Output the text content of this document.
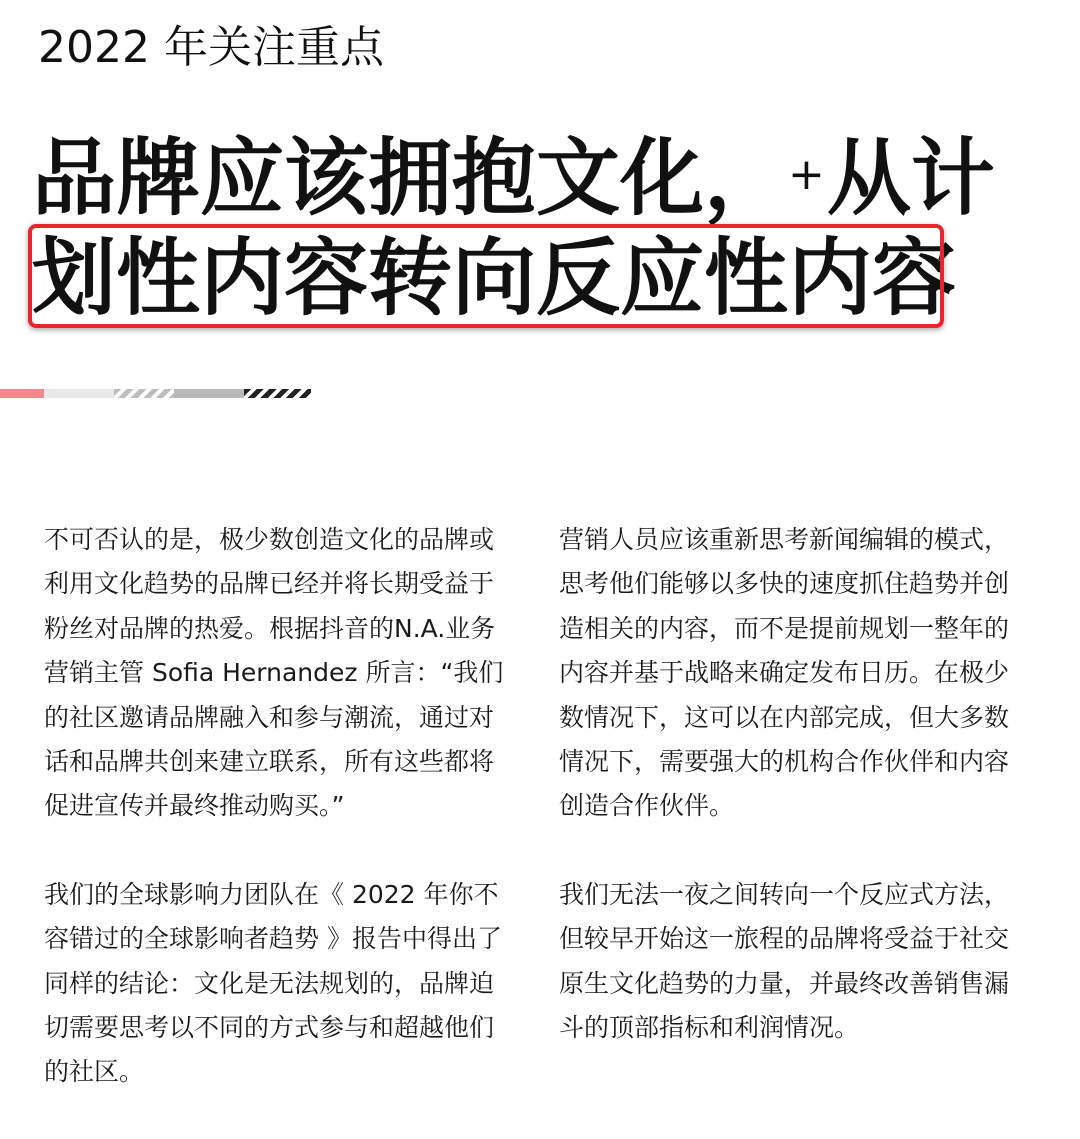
2022 年关注重点
品牌应该拥抱文化，+从计
划性内容转向反应性内容

不可否认的是，极少数创造文化的品牌或
利用文化趋势的品牌已经并将长期受益于
粉丝对品牌的热爱。根据抖音的N.A.业务
营销主管 Sofia Hernandez 所言：“我们
的社区邀请品牌融入和参与潮流，通过对
话和品牌共创来建立联系，所有这些都将
促进宣传并最终推动购买。”

我们的全球影响力团队在《 2022 年你不
容错过的全球影响者趋势 》报告中得出了
同样的结论：文化是无法规划的，品牌迫
切需要思考以不同的方式参与和超越他们
的社区。

营销人员应该重新思考新闻编辑的模式，
思考他们能够以多快的速度抓住趋势并创
造相关的内容，而不是提前规划一整年的
内容并基于战略来确定发布日历。在极少
数情况下，这可以在内部完成，但大多数
情况下，需要强大的机构合作伙伴和内容
创造合作伙伴。

我们无法一夜之间转向一个反应式方法，
但较早开始这一旅程的品牌将受益于社交
原生文化趋势的力量，并最终改善销售漏
斗的顶部指标和利润情况。
